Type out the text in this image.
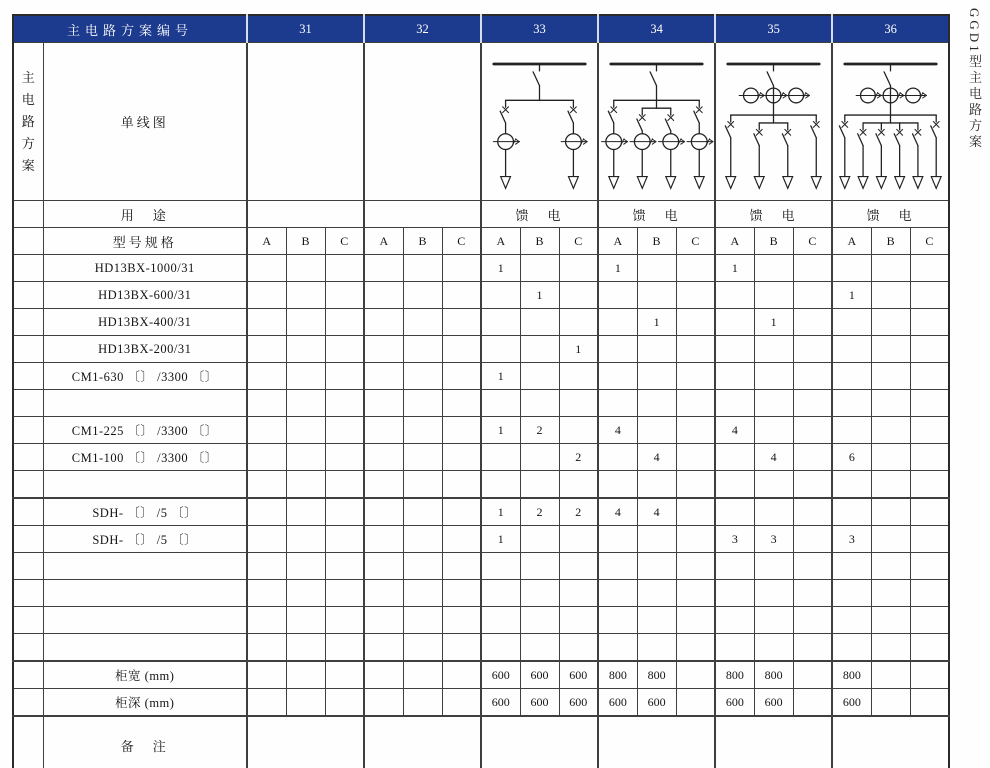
主电路方案编号		31			32			33			34			35			36		

主
电
路
方
案	单线图	

	用　途							馈　电			馈　电			馈　电			馈　电		
	型号规格	A	B	C	A	B	C	A	B	C	A	B	C	A	B	C	A	B	C
	HD13BX-1000/31							1			1			1					
	HD13BX-600/31								1								1		
	HD13BX-400/31											1			1				
	HD13BX-200/31									1									
	CM1-630 〔〕 /3300 〔〕							1											

	CM1-225 〔〕 /3300 〔〕							1	2		4			4					
	CM1-100 〔〕 /3300 〔〕									2		4			4		6		

	SDH- 〔〕 /5 〔〕							1	2	2	4	4							
	SDH- 〔〕 /5 〔〕							1						3	3		3		

	柜宽 (mm)							600	600	600	800	800		800	800		800		
	柜深 (mm)							600	600	600	600	600		600	600		600		
	备　注																		
GGD1型主电路方案
